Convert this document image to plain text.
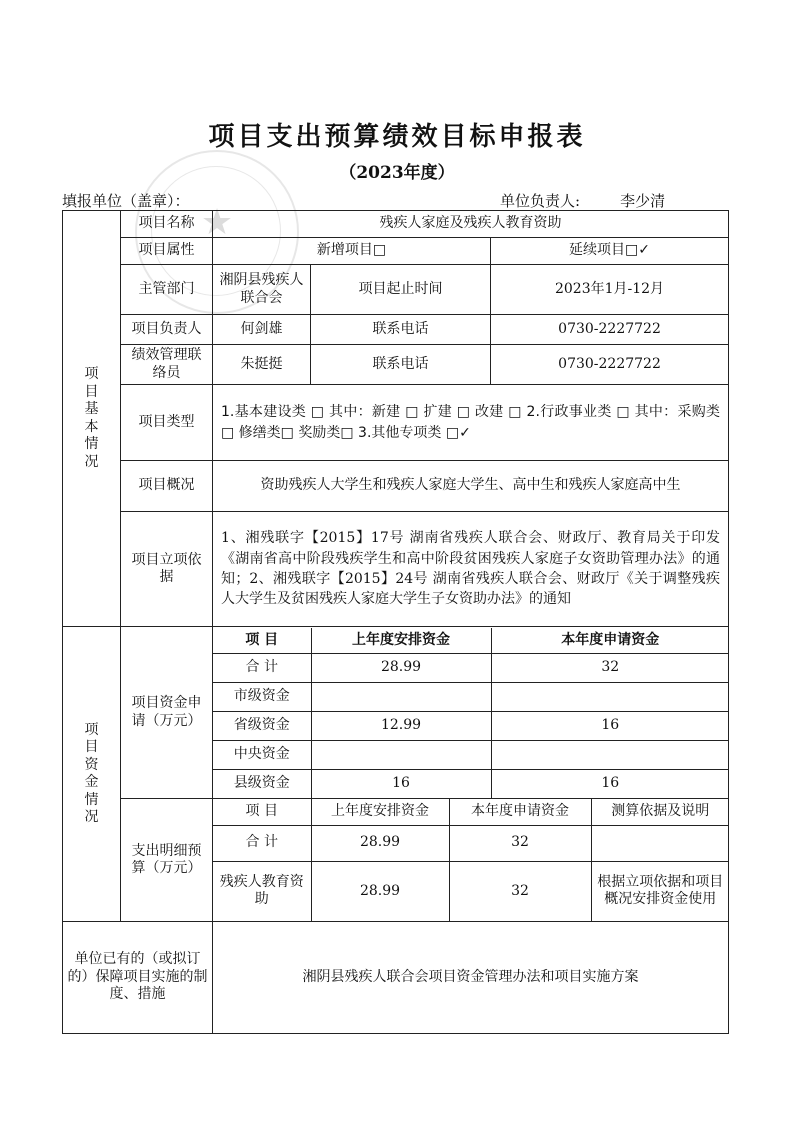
项目支出预算绩效目标申报表
（2023年度）
★
填报单位（盖章）：	单位负责人:	李少清
项目基本情况
	项目名称	残疾人家庭及残疾人教育资助
项目属性	新增项目□	延续项目□✓
主管部门	湘阴县残疾人联合会	项目起止时间	2023年1月-12月
项目负责人	何剑雄	联系电话	0730-2227722
绩效管理联络员	朱挺挺	联系电话	0730-2227722
项目类型	1.基本建设类 □ 其中：新建 □ 扩建 □ 改建 □ 2.行政事业类 □ 其中：采购类□ 修缮类□ 奖励类□ 3.其他专项类 □✓
项目概况	资助残疾人大学生和残疾人家庭大学生、高中生和残疾人家庭高中生
项目立项依据	1、湘残联字【2015】17号 湖南省残疾人联合会、财政厅、教育局关于印发《湖南省高中阶段残疾学生和高中阶段贫困残疾人家庭子女资助管理办法》的通知；2、湘残联字【2015】24号 湖南省残疾人联合会、财政厅《关于调整残疾人大学生及贫困残疾人家庭大学生子女资助办法》的通知

项目资金情况
	项目资金申请（万元）	
项 目	上年度安排资金	本年度申请资金
合 计	28.99	32
市级资金		
省级资金	12.99	16
中央资金		
县级资金	16	16

支出明细预算（万元）	
项 目	上年度安排资金	本年度申请资金	测算依据及说明
合 计	28.99	32	
残疾人教育资助	28.99	32	根据立项依据和项目概况安排资金使用

单位已有的（或拟订的）保障项目实施的制度、措施	湘阴县残疾人联合会项目资金管理办法和项目实施方案
